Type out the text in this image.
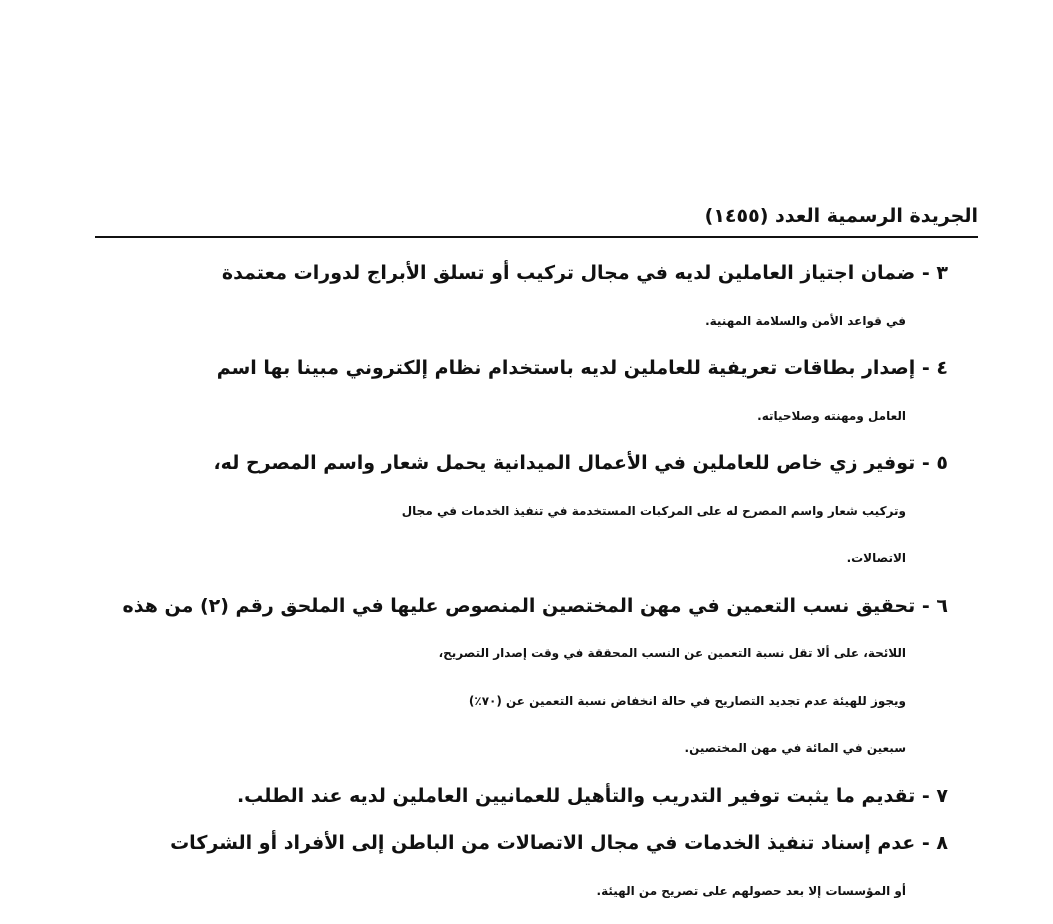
الجريدة الرسمية العدد (١٤٥٥)
٣ - ضمان اجتياز العاملين لديه في مجال تركيب أو تسلق الأبراج لدورات معتمدة
في قواعد الأمن والسلامة المهنية.
٤ - إصدار بطاقات تعريفية للعاملين لديه باستخدام نظام إلكتروني مبينا بها اسم
العامل ومهنته وصلاحياته.
٥ - توفير زي خاص للعاملين في الأعمال الميدانية يحمل شعار واسم المصرح له،
وتركيب شعار واسم المصرح له على المركبات المستخدمة في تنفيذ الخدمات في مجال
الاتصالات.
٦ - تحقيق نسب التعمين في مهن المختصين المنصوص عليها في الملحق رقم (٢) من هذه
اللائحة، على ألا تقل نسبة التعمين عن النسب المحققة في وقت إصدار التصريح،
ويجوز للهيئة عدم تجديد التصاريح في حالة انخفاض نسبة التعمين عن (٧٠٪)
سبعين في المائة في مهن المختصين.
٧ - تقديم ما يثبت توفير التدريب والتأهيل للعمانيين العاملين لديه عند الطلب.
٨ - عدم إسناد تنفيذ الخدمات في مجال الاتصالات من الباطن إلى الأفراد أو الشركات
أو المؤسسات إلا بعد حصولهم على تصريح من الهيئة.
